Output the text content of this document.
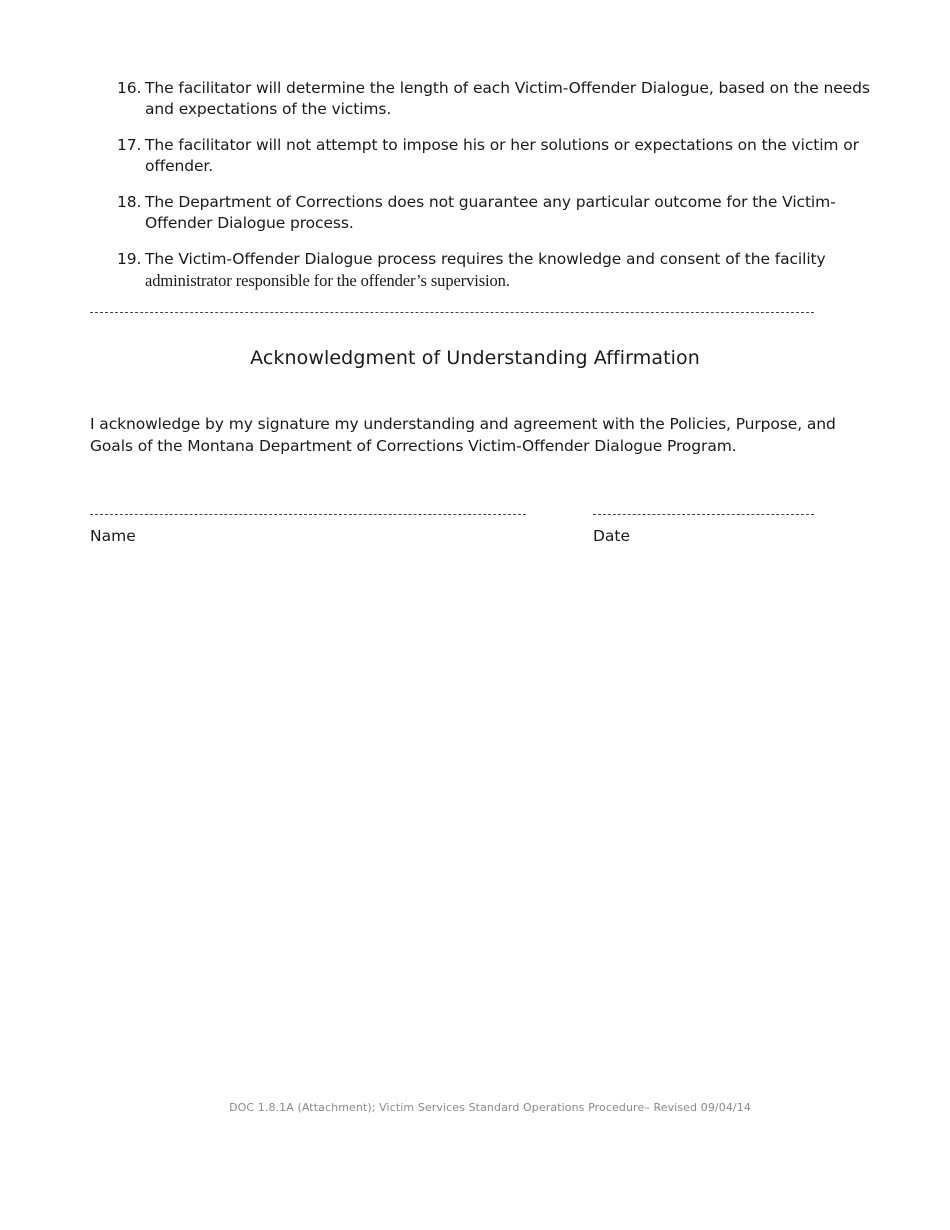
16. The facilitator will determine the length of each Victim-Offender Dialogue, based on the needs and expectations of the victims.
17. The facilitator will not attempt to impose his or her solutions or expectations on the victim or offender.
18. The Department of Corrections does not guarantee any particular outcome for the Victim-Offender Dialogue process.
19. The Victim-Offender Dialogue process requires the knowledge and consent of the facility
administrator responsible for the offender’s supervision.
Acknowledgment of Understanding Affirmation
I acknowledge by my signature my understanding and agreement with the Policies, Purpose, and Goals of the Montana Department of Corrections Victim-Offender Dialogue Program.
Name	Date
DOC 1.8.1A (Attachment); Victim Services Standard Operations Procedure– Revised 09/04/14
